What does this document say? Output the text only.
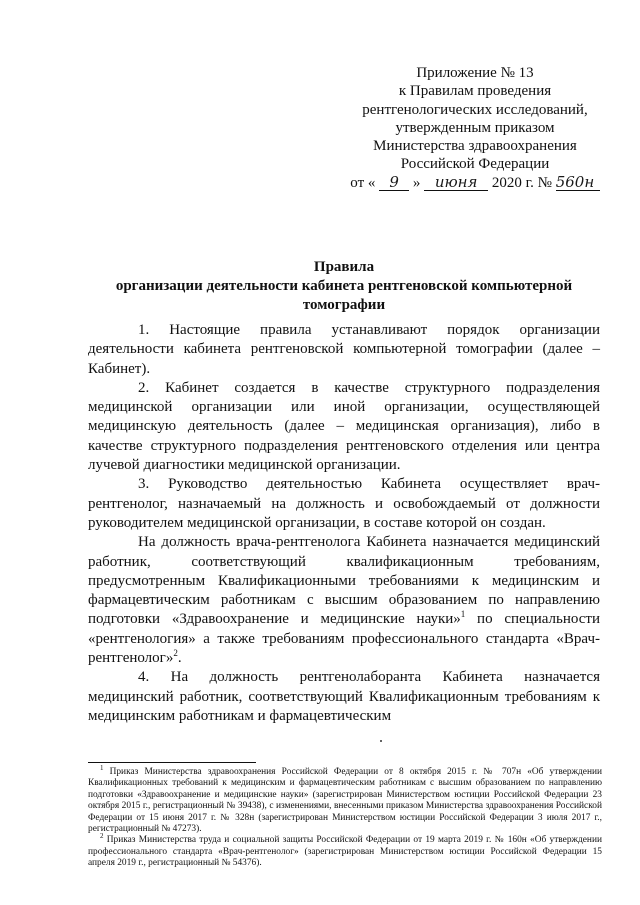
Приложение № 13
к Правилам проведения
рентгенологических исследований,
утвержденным приказом
Министерства здравоохранения
Российской Федерации
от « 9 » июня 2020 г. № 560н
Правила
организации деятельности кабинета рентгеновской компьютерной
томографии

1. Настоящие правила устанавливают порядок организации деятельности кабинета рентгеновской компьютерной томографии (далее – Кабинет).

2. Кабинет создается в качестве структурного подразделения медицинской организации или иной организации, осуществляющей медицинскую деятельность (далее – медицинская организация), либо в качестве структурного подразделения рентгеновского отделения или центра лучевой диагностики медицинской организации.

3. Руководство деятельностью Кабинета осуществляет врач-рентгенолог, назначаемый на должность и освобождаемый от должности руководителем медицинской организации, в составе которой он создан.

На должность врача-рентгенолога Кабинета назначается медицинский работник, соответствующий квалификационным требованиям, предусмотренным Квалификационными требованиями к медицинским и фармацевтическим работникам с высшим образованием по направлению подготовки «Здравоохранение и медицинские науки»$^1$ по специальности «рентгенология» а также требованиям профессионального стандарта «Врач-рентгенолог»$^2$.

4. На должность рентгенолаборанта Кабинета назначается медицинский работник, соответствующий Квалификационным требованиям к медицинским работникам и фармацевтическим

$^1$ Приказ Министерства здравоохранения Российской Федерации от 8 октября 2015 г. № 707н «Об утверждении Квалификационных требований к медицинским и фармацевтическим работникам с высшим образованием по направлению подготовки «Здравоохранение и медицинские науки» (зарегистрирован Министерством юстиции Российской Федерации 23 октября 2015 г., регистрационный № 39438), с изменениями, внесенными приказом Министерства здравоохранения Российской Федерации от 15 июня 2017 г. № 328н (зарегистрирован Министерством юстиции Российской Федерации 3 июля 2017 г., регистрационный № 47273).

$^2$ Приказ Министерства труда и социальной защиты Российской Федерации от 19 марта 2019 г. № 160н «Об утверждении профессионального стандарта «Врач-рентгенолог» (зарегистрирован Министерством юстиции Российской Федерации 15 апреля 2019 г., регистрационный № 54376).
